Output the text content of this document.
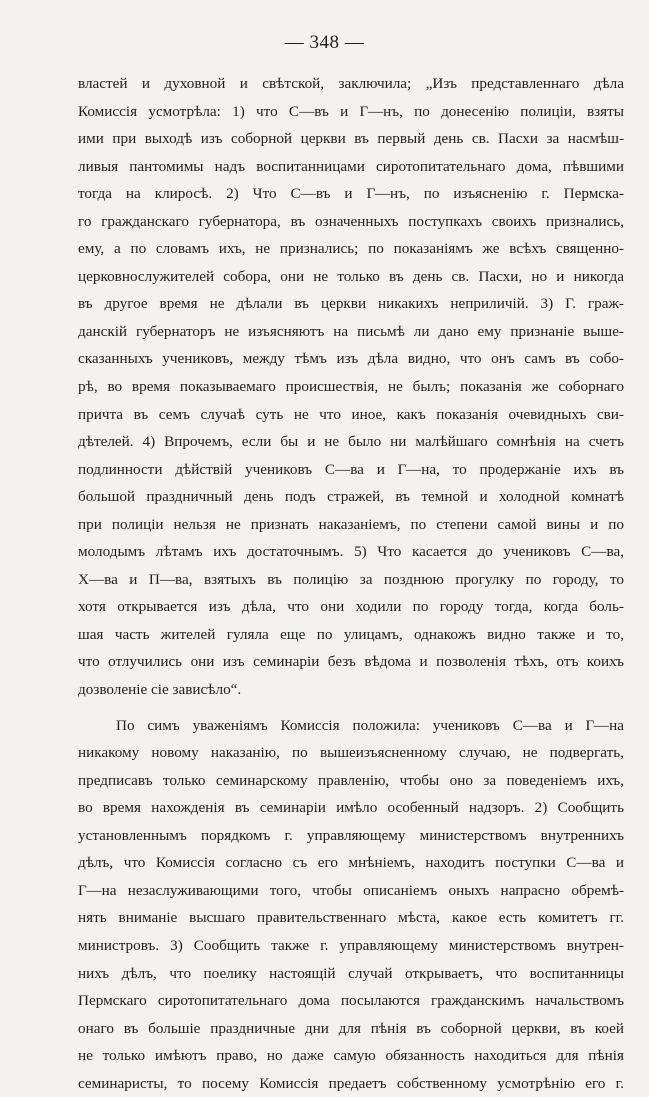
— 348 —
властей и духовной и свѣтской, заключила; „Изъ представленнаго дѣла
Комиссія усмотрѣла: 1) что С—въ и Г—нъ, по донесенію полиціи, взяты
ими при выходѣ изъ соборной церкви въ первый день св. Пасхи за насмѣш-
ливыя пантомимы надъ воспитанницами сиротопитательнаго дома, пѣвшими
тогда на клиросѣ. 2) Что С—въ и Г—нъ, по изъясненію г. Пермска-
го гражданскаго губернатора, въ означенныхъ поступкахъ своихъ признались,
ему, а по словамъ ихъ, не признались; по показаніямъ же всѣхъ священно-
церковнослужителей собора, они не только въ день св. Пасхи, но и никогда
въ другое время не дѣлали въ церкви никакихъ неприличій. 3) Г. граж-
данскій губернаторъ не изъясняютъ на письмѣ ли дано ему признаніе выше-
сказанныхъ учениковъ, между тѣмъ изъ дѣла видно, что онъ самъ въ собо-
рѣ, во время показываемаго происшествія, не былъ; показанія же соборнаго
причта въ семъ случаѣ суть не что иное, какъ показанія очевидныхъ сви-
дѣтелей. 4) Впрочемъ, если бы и не было ни малѣйшаго сомнѣнія на счетъ
подлинности дѣйствій учениковъ С—ва и Г—на, то продержаніе ихъ въ
большой праздничный день подъ стражей, въ темной и холодной комнатѣ
при полиціи нельзя не признать наказаніемъ, по степени самой вины и по
молодымъ лѣтамъ ихъ достаточнымъ. 5) Что касается до учениковъ С—ва,
Х—ва и П—ва, взятыхъ въ полицію за позднюю прогулку по городу, то
хотя открывается изъ дѣла, что они ходили по городу тогда, когда боль-
шая часть жителей гуляла еще по улицамъ, однакожъ видно также и то,
что отлучились они изъ семинаріи безъ вѣдома и позволенія тѣхъ, отъ коихъ
дозволеніе сіе зависѣло“.
По симъ уваженіямъ Комиссія положила: учениковъ С—ва и Г—на
никакому новому наказанію, по вышеизъясненному случаю, не подвергать,
предписавъ только семинарскому правленію, чтобы оно за поведеніемъ ихъ,
во время нахожденія въ семинаріи имѣло особенный надзоръ. 2) Сообщить
установленнымъ порядкомъ г. управляющему министерствомъ внутреннихъ
дѣлъ, что Комиссія согласно съ его мнѣніемъ, находитъ поступки С—ва и
Г—на незаслуживающими того, чтобы описаніемъ оныхъ напрасно обремѣ-
нять вниманіе высшаго правительственнаго мѣста, какое есть комитетъ гг.
министровъ. 3) Сообщить также г. управляющему министерствомъ внутрен-
нихъ дѣлъ, что поелику настоящій случай открываетъ, что воспитанницы
Пермскаго сиротопитательнаго дома посылаются гражданскимъ начальствомъ
онаго въ большіе праздничные дни для пѣнія въ соборной церкви, въ коей
не только имѣютъ право, но даже самую обязанность находиться для пѣнія
семинаристы, то посему Комиссія предаетъ собственному усмотрѣнію его г.
